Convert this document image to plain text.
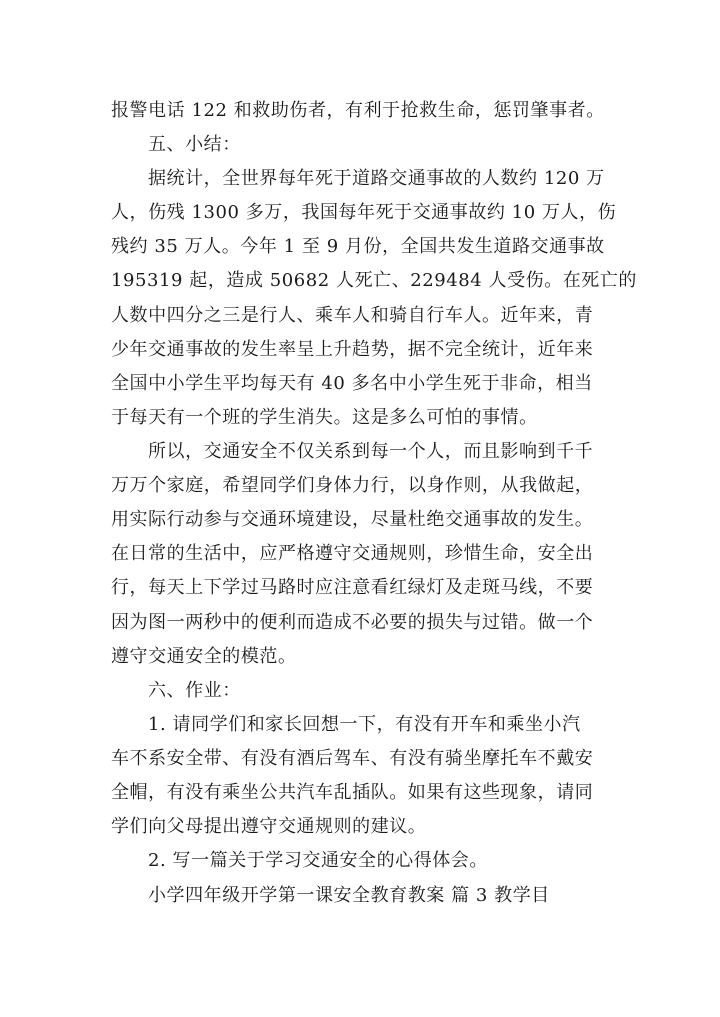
报警电话 122 和救助伤者，有利于抢救生命，惩罚肇事者。
五、小结：
据统计，全世界每年死于道路交通事故的人数约 120 万
人，伤残 1300 多万，我国每年死于交通事故约 10 万人，伤
残约 35 万人。今年 1 至 9 月份，全国共发生道路交通事故
195319 起，造成 50682 人死亡、229484 人受伤。在死亡的
人数中四分之三是行人、乘车人和骑自行车人。近年来，青
少年交通事故的发生率呈上升趋势，据不完全统计，近年来
全国中小学生平均每天有 40 多名中小学生死于非命，相当
于每天有一个班的学生消失。这是多么可怕的事情。
所以，交通安全不仅关系到每一个人，而且影响到千千
万万个家庭，希望同学们身体力行，以身作则，从我做起，
用实际行动参与交通环境建设，尽量杜绝交通事故的发生。
在日常的生活中，应严格遵守交通规则，珍惜生命，安全出
行，每天上下学过马路时应注意看红绿灯及走斑马线，不要
因为图一两秒中的便利而造成不必要的损失与过错。做一个
遵守交通安全的模范。
六、作业：
1. 请同学们和家长回想一下，有没有开车和乘坐小汽
车不系安全带、有没有酒后驾车、有没有骑坐摩托车不戴安
全帽，有没有乘坐公共汽车乱插队。如果有这些现象，请同
学们向父母提出遵守交通规则的建议。
2. 写一篇关于学习交通安全的心得体会。
小学四年级开学第一课安全教育教案 篇 3 教学目
